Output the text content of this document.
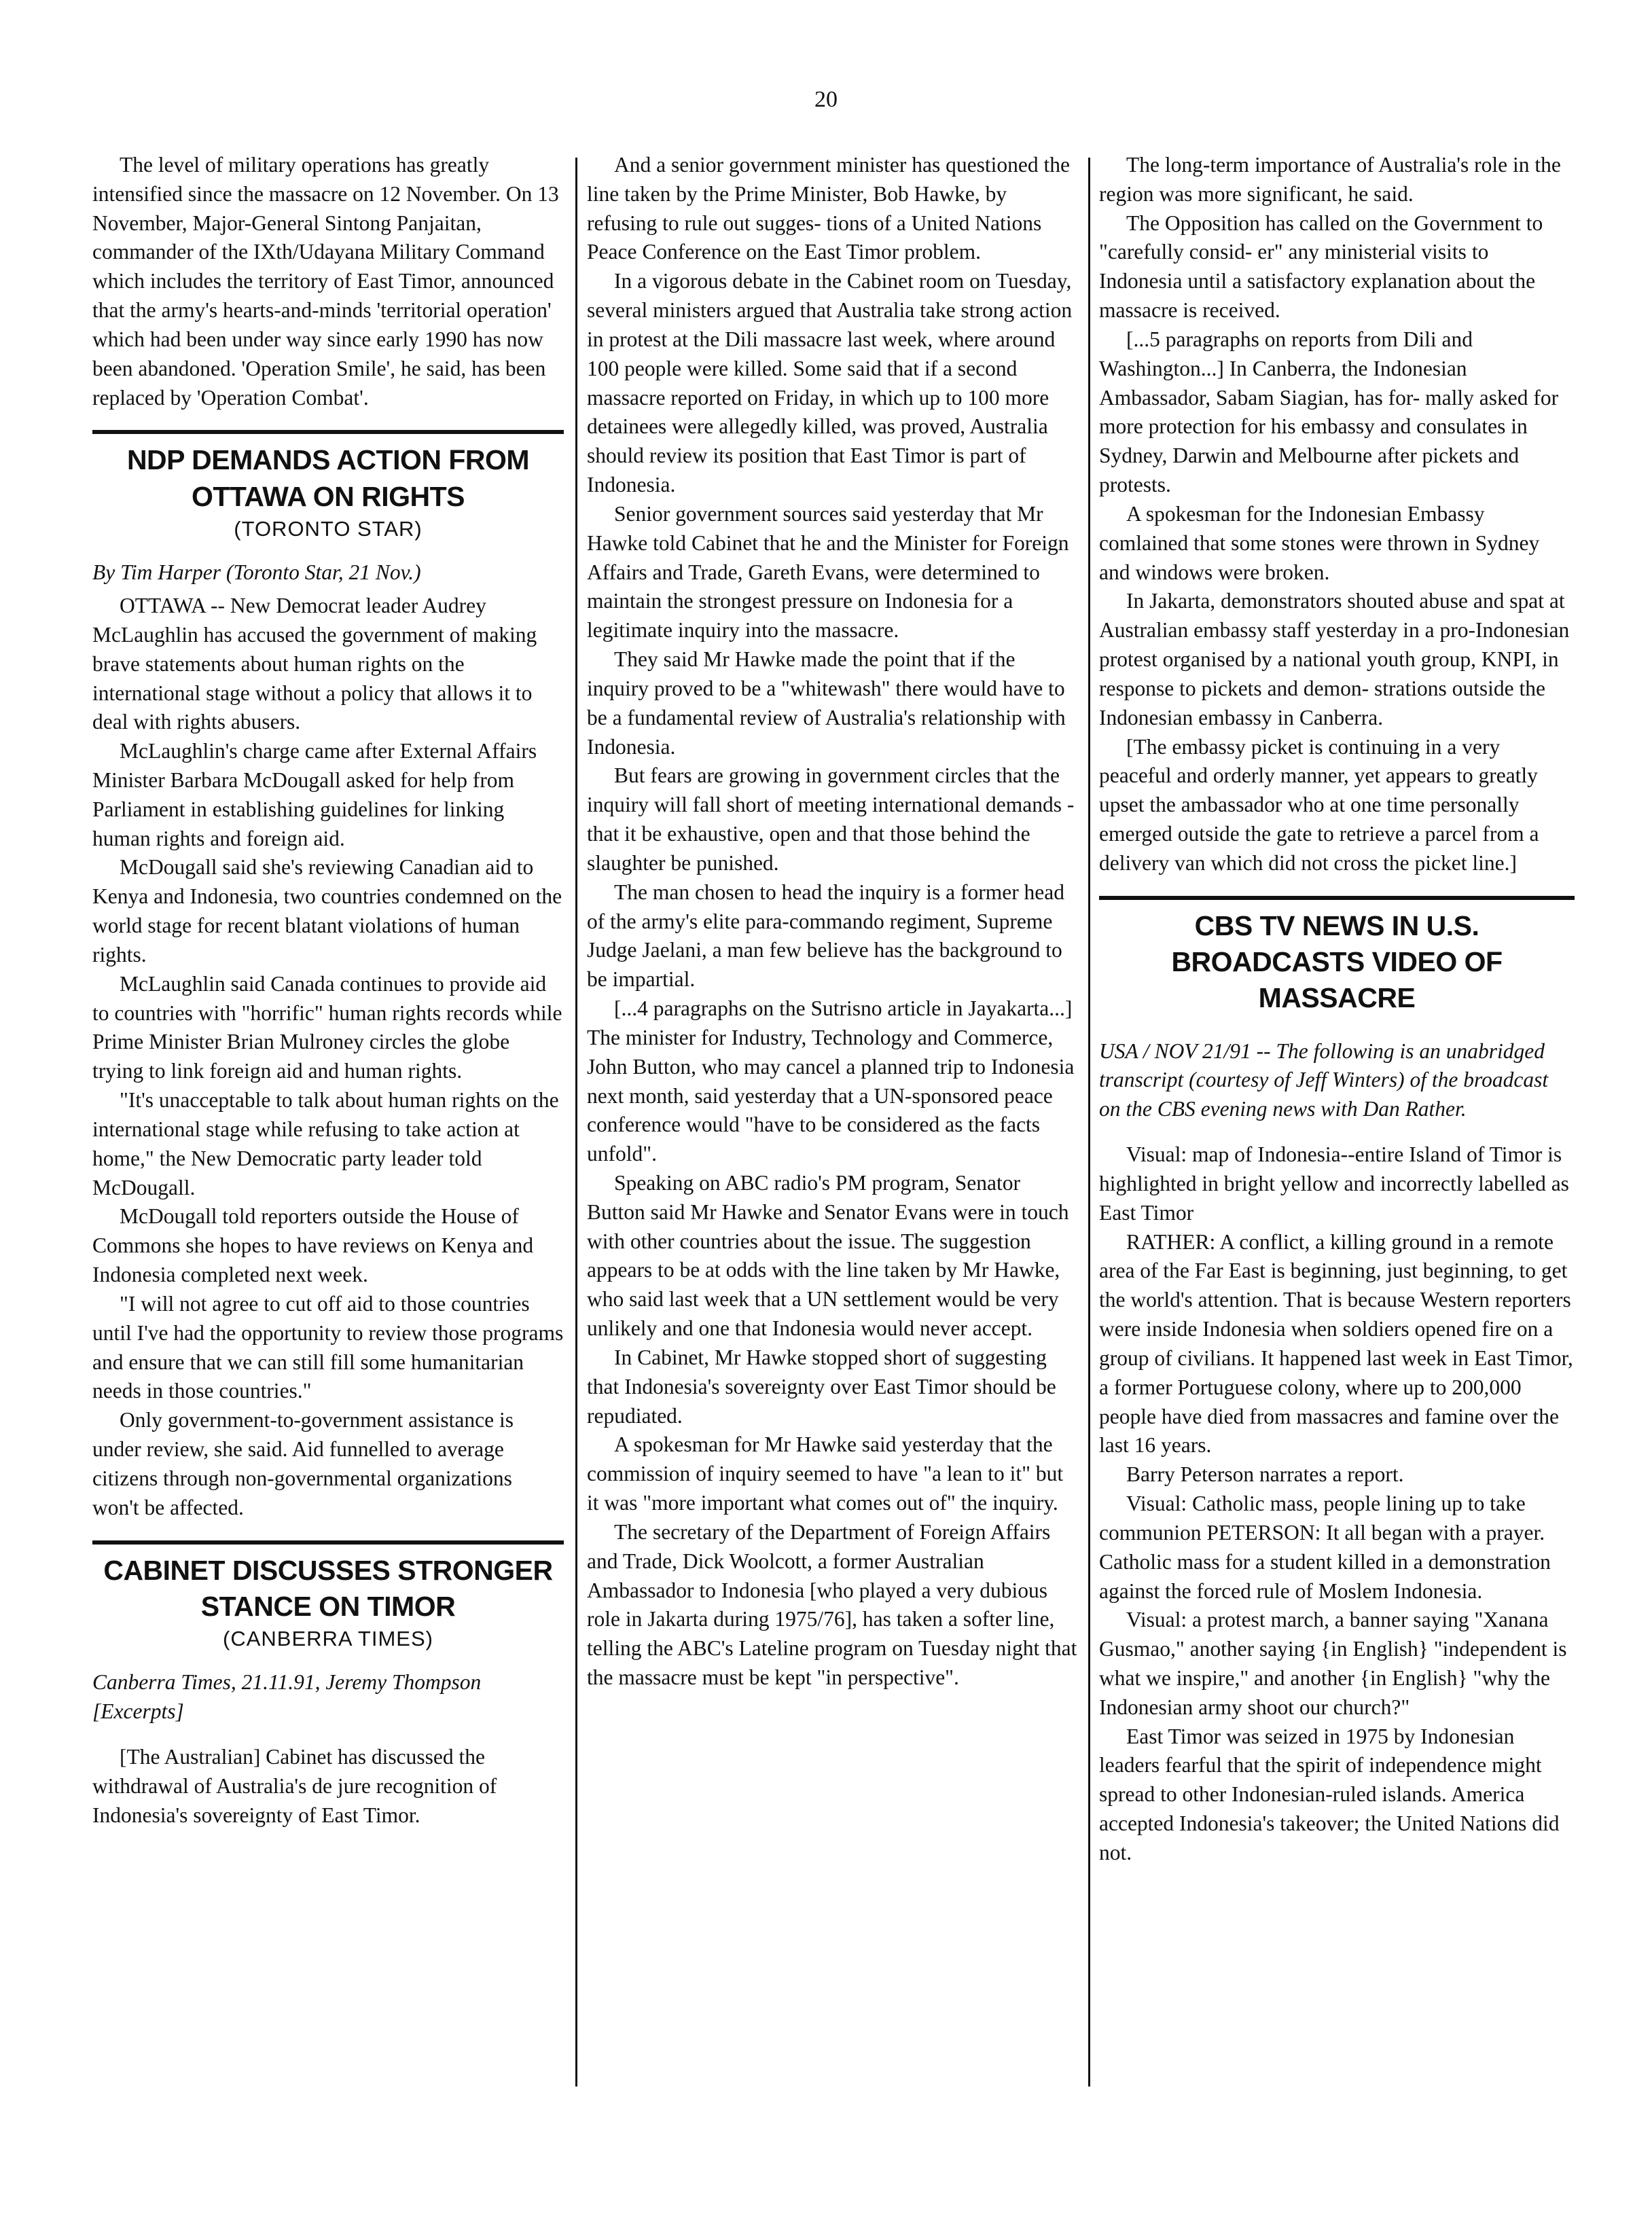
20

The level of military operations has greatly intensified since the massacre on 12 November. On 13 November, Major-General Sintong Panjaitan, commander of the IXth/Udayana Military Command which includes the territory of East Timor, announced that the army's hearts-and-minds 'territorial operation' which had been under way since early 1990 has now been abandoned. 'Operation Smile', he said, has been replaced by 'Operation Combat'.

NDP DEMANDS ACTION FROM OTTAWA ON RIGHTS
(TORONTO STAR)

By Tim Harper (Toronto Star, 21 Nov.)

OTTAWA -- New Democrat leader Audrey McLaughlin has accused the government of making brave statements about human rights on the international stage without a policy that allows it to deal with rights abusers.

McLaughlin's charge came after External Affairs Minister Barbara McDougall asked for help from Parliament in establishing guidelines for linking human rights and foreign aid.

McDougall said she's reviewing Canadian aid to Kenya and Indonesia, two countries condemned on the world stage for recent blatant violations of human rights.

McLaughlin said Canada continues to provide aid to countries with "horrific" human rights records while Prime Minister Brian Mulroney circles the globe trying to link foreign aid and human rights.

"It's unacceptable to talk about human rights on the international stage while refusing to take action at home," the New Democratic party leader told McDougall.

McDougall told reporters outside the House of Commons she hopes to have reviews on Kenya and Indonesia completed next week.

"I will not agree to cut off aid to those countries until I've had the opportunity to review those programs and ensure that we can still fill some humanitarian needs in those countries."

Only government-to-government assistance is under review, she said. Aid funnelled to average citizens through non-governmental organizations won't be affected.

CABINET DISCUSSES STRONGER STANCE ON TIMOR
(CANBERRA TIMES)

Canberra Times, 21.11.91, Jeremy Thompson [Excerpts]

[The Australian] Cabinet has discussed the withdrawal of Australia's de jure recognition of Indonesia's sovereignty of East Timor.

And a senior government minister has questioned the line taken by the Prime Minister, Bob Hawke, by refusing to rule out sugges- tions of a United Nations Peace Conference on the East Timor problem.

In a vigorous debate in the Cabinet room on Tuesday, several ministers argued that Australia take strong action in protest at the Dili massacre last week, where around 100 people were killed. Some said that if a second massacre reported on Friday, in which up to 100 more detainees were allegedly killed, was proved, Australia should review its position that East Timor is part of Indonesia.

Senior government sources said yesterday that Mr Hawke told Cabinet that he and the Minister for Foreign Affairs and Trade, Gareth Evans, were determined to maintain the strongest pressure on Indonesia for a legitimate inquiry into the massacre.

They said Mr Hawke made the point that if the inquiry proved to be a "whitewash" there would have to be a fundamental review of Australia's relationship with Indonesia.

But fears are growing in government circles that the inquiry will fall short of meeting international demands - that it be exhaustive, open and that those behind the slaughter be punished.

The man chosen to head the inquiry is a former head of the army's elite para-commando regiment, Supreme Judge Jaelani, a man few believe has the background to be impartial.

[...4 paragraphs on the Sutrisno article in Jayakarta...] The minister for Industry, Technology and Commerce, John Button, who may cancel a planned trip to Indonesia next month, said yesterday that a UN-sponsored peace conference would "have to be considered as the facts unfold".

Speaking on ABC radio's PM program, Senator Button said Mr Hawke and Senator Evans were in touch with other countries about the issue. The suggestion appears to be at odds with the line taken by Mr Hawke, who said last week that a UN settlement would be very unlikely and one that Indonesia would never accept.

In Cabinet, Mr Hawke stopped short of suggesting that Indonesia's sovereignty over East Timor should be repudiated.

A spokesman for Mr Hawke said yesterday that the commission of inquiry seemed to have "a lean to it" but it was "more important what comes out of" the inquiry.

The secretary of the Department of Foreign Affairs and Trade, Dick Woolcott, a former Australian Ambassador to Indonesia [who played a very dubious role in Jakarta during 1975/76], has taken a softer line, telling the ABC's Lateline program on Tuesday night that the massacre must be kept "in perspective".

The long-term importance of Australia's role in the region was more significant, he said.

The Opposition has called on the Government to "carefully consid- er" any ministerial visits to Indonesia until a satisfactory explanation about the massacre is received.

[...5 paragraphs on reports from Dili and Washington...] In Canberra, the Indonesian Ambassador, Sabam Siagian, has for- mally asked for more protection for his embassy and consulates in Sydney, Darwin and Melbourne after pickets and protests.

A spokesman for the Indonesian Embassy comlained that some stones were thrown in Sydney and windows were broken.

In Jakarta, demonstrators shouted abuse and spat at Australian embassy staff yesterday in a pro-Indonesian protest organised by a national youth group, KNPI, in response to pickets and demon- strations outside the Indonesian embassy in Canberra.

[The embassy picket is continuing in a very peaceful and orderly manner, yet appears to greatly upset the ambassador who at one time personally emerged outside the gate to retrieve a parcel from a delivery van which did not cross the picket line.]

CBS TV NEWS IN U.S. BROADCASTS VIDEO OF MASSACRE

USA / NOV 21/91 -- The following is an unabridged transcript (courtesy of Jeff Winters) of the broadcast on the CBS evening news with Dan Rather.

Visual: map of Indonesia--entire Island of Timor is highlighted in bright yellow and incorrectly labelled as East Timor

RATHER: A conflict, a killing ground in a remote area of the Far East is beginning, just beginning, to get the world's attention. That is because Western reporters were inside Indonesia when soldiers opened fire on a group of civilians. It happened last week in East Timor, a former Portuguese colony, where up to 200,000 people have died from massacres and famine over the last 16 years.

Barry Peterson narrates a report.

Visual: Catholic mass, people lining up to take communion PETERSON: It all began with a prayer. Catholic mass for a student killed in a demonstration against the forced rule of Moslem Indonesia.

Visual: a protest march, a banner saying "Xanana Gusmao," another saying {in English} "independent is what we inspire," and another {in English} "why the Indonesian army shoot our church?"

East Timor was seized in 1975 by Indonesian leaders fearful that the spirit of independence might spread to other Indonesian-ruled islands. America accepted Indonesia's takeover; the United Nations did not.
